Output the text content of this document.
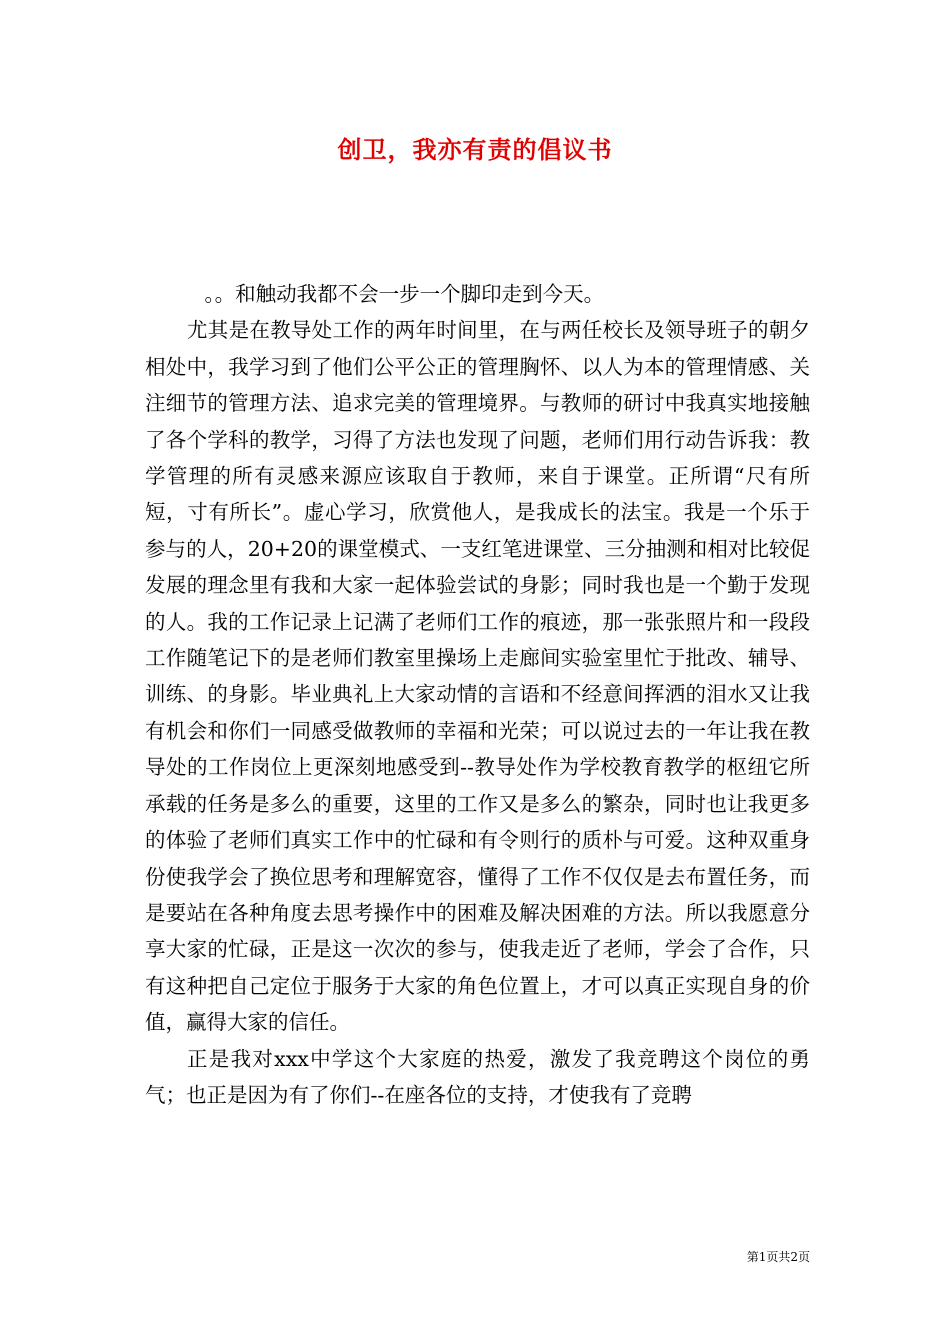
创卫，我亦有责的倡议书

。。和触动我都不会一步一个脚印走到今天。

尤其是在教导处工作的两年时间里，在与两任校长及领导班子的朝夕相处中，我学习到了他们公平公正的管理胸怀、以人为本的管理情感、关注细节的管理方法、追求完美的管理境界。与教师的研讨中我真实地接触了各个学科的教学，习得了方法也发现了问题，老师们用行动告诉我：教学管理的所有灵感来源应该取自于教师，来自于课堂。正所谓“尺有所短，寸有所长”。虚心学习，欣赏他人，是我成长的法宝。我是一个乐于参与的人，20+20的课堂模式、一支红笔进课堂、三分抽测和相对比较促发展的理念里有我和大家一起体验尝试的身影；同时我也是一个勤于发现的人。我的工作记录上记满了老师们工作的痕迹，那一张张照片和一段段工作随笔记下的是老师们教室里操场上走廊间实验室里忙于批改、辅导、训练、的身影。毕业典礼上大家动情的言语和不经意间挥洒的泪水又让我有机会和你们一同感受做教师的幸福和光荣；可以说过去的一年让我在教导处的工作岗位上更深刻地感受到--教导处作为学校教育教学的枢纽它所承载的任务是多么的重要，这里的工作又是多么的繁杂，同时也让我更多的体验了老师们真实工作中的忙碌和有令则行的质朴与可爱。这种双重身份使我学会了换位思考和理解宽容，懂得了工作不仅仅是去布置任务，而是要站在各种角度去思考操作中的困难及解决困难的方法。所以我愿意分享大家的忙碌，正是这一次次的参与，使我走近了老师，学会了合作，只有这种把自己定位于服务于大家的角色位置上，才可以真正实现自身的价值，赢得大家的信任。

正是我对xxx中学这个大家庭的热爱，激发了我竞聘这个岗位的勇气；也正是因为有了你们--在座各位的支持，才使我有了竞聘

第1页共2页
